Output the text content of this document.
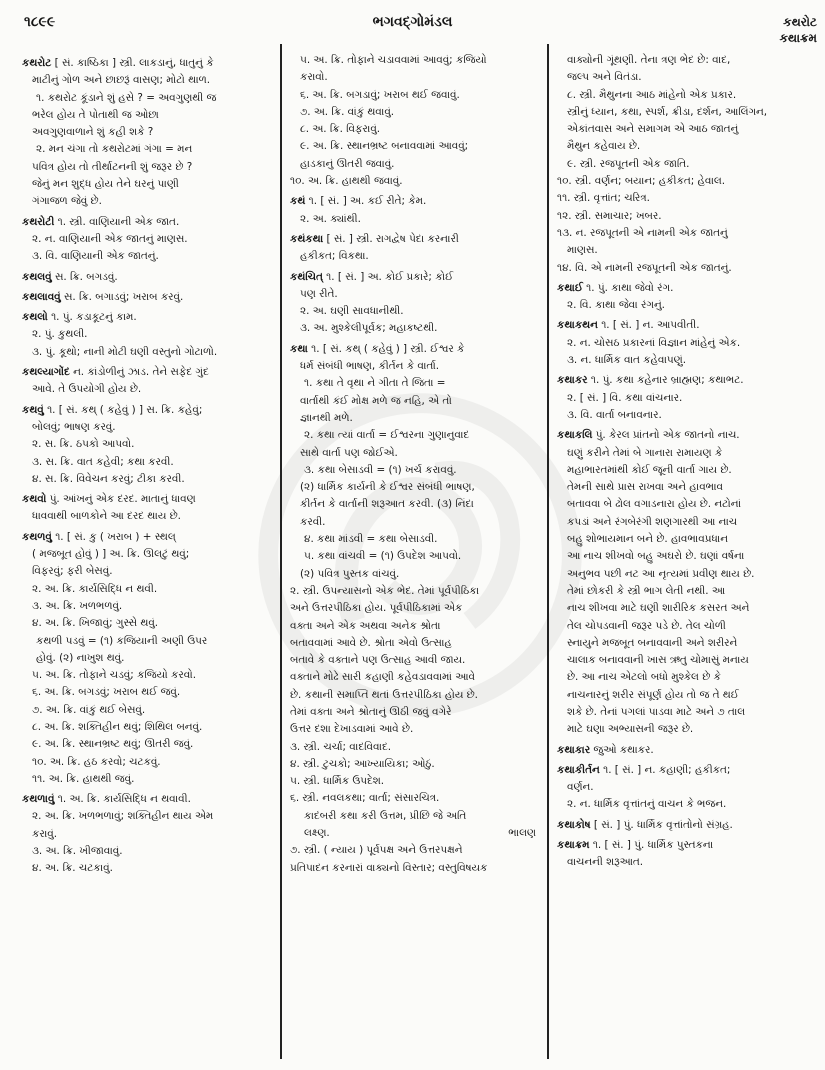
૧૮૯૯	ભગવદ્ગોમંડલ	કથરોટ
કથાક્રમ
કથરોટ [ સં. કાષ્ઠિકા ] સ્ત્રી. લાકડાનું, ધાતુનું કે
માટીનું ગોળ અને છાછરૂં વાસણ; મોટો થાળ.
૧. કથરોટ કૂંડાને શું હસે ? = અવગુણથી જ
ભરેલ હોય તે પોતાથી જ ઓછા
અવગુણવાળાને શું કહી શકે ?
૨. મન ચંગા તો કથરોટમાં ગંગા = મન
પવિત્ર હોય તો તીર્થાટનની શું જરૂર છે ?
જેનું મન શુદ્ધ હોય તેને ઘરનું પાણી
ગંગાજળ જેવું છે.
કથરોટી ૧. સ્ત્રી. વાણિયાની એક જાત.
૨. ન. વાણિયાની એક જાતનું માણસ.
૩. વિ. વાણિયાની એક જાતનું.
કથલવું સ. ક્રિ. બગડવું.
કથલાવવું સ. ક્રિ. બગાડવું; ખરાબ કરવું.
કથલો ૧. પું. કડાકૂટનું કામ.
૨. પું. કુથલી.
૩. પું. કૂથો; નાની મોટી ઘણી વસ્તુનો ગોટાળો.
કથલ્યાગોંદ ન. કાંડોળીનું ઝાડ. તેને સફેદ ગુંદ
આવે. તે ઉપયોગી હોય છે.
કથવું ૧. [ સં. કથ્ ( કહેવું ) ] સ. ક્રિ. કહેવું;
બોલવું; ભાષણ કરવું.
૨. સ. ક્રિ. ઠપકો આપવો.
૩. સ. ક્રિ. વાત કહેવી; કથા કરવી.
૪. સ. ક્રિ. વિવેચન કરવું; ટીકા કરવી.
કથવો પું. આંખનું એક દરદ. માતાનું ધાવણ
ધાવવાથી બાળકોને આ દરદ થાય છે.
કથળવું ૧. [ સં. કુ ( ખરાબ ) + સ્થલ્
( મજબૂત હોવું ) ] અ. ક્રિ. ઊલટું થવું;
વિફરવું; ફરી બેસવું.
૨. અ. ક્રિ. કાર્યસિદ્ધિ ન થવી.
૩. અ. ક્રિ. ખળભળવું.
૪. અ. ક્રિ. ખિજાવું; ગુસ્સે થવું.
કથળી પડવું = (૧) કજિયાની અણી ઉપર
હોવું. (૨) નાખુશ થવું.
૫. અ. ક્રિ. તોફાને ચડવું; કજિયો કરવો.
૬. અ. ક્રિ. બગડવું; ખરાબ થઈ જવું.
૭. અ. ક્રિ. વાંકું થઈ બેસવું.
૮. અ. ક્રિ. શક્તિહીન થવું; શિથિલ બનવું.
૯. અ. ક્રિ. સ્થાનભ્રષ્ટ થવું; ઊતરી જવું.
૧૦. અ. ક્રિ. હઠ કરવો; ચટકવું.
૧૧. અ. ક્રિ. હાથથી જવું.
કથળાવું ૧. અ. ક્રિ. કાર્યસિદ્ધિ ન થવાવી.
૨. અ. ક્રિ. ખળભળાવું; શક્તિહીન થાય એમ
કરાવું.
૩. અ. ક્રિ. ખીજાવાવું.
૪. અ. ક્રિ. ચટકાવું.
૫. અ. ક્રિ. તોફાને ચડાવવામાં આવવું; કજિયો
કરાવો.
૬. અ. ક્રિ. બગડાવું; ખરાબ થઈ જવાવું.
૭. અ. ક્રિ. વાંકું થવાવું.
૮. અ. ક્રિ. વિફરાવું.
૯. અ. ક્રિ. સ્થાનભ્રષ્ટ બનાવવામાં આવવું;
હાડકાનું ઊતરી જવાવું.
૧૦. અ. ક્રિ. હાથથી જવાવું.
કથં ૧. [ સં. ] અ. કઈ રીતે; કેમ.
૨. અ. ક્યાંથી.
કથંકથા [ સં. ] સ્ત્રી. રાગદ્વેષ પેદા કરનારી
હકીકત; વિકથા.
કથંચિત્ ૧. [ સં. ] અ. કોઈ પ્રકારે; કોઈ
પણ રીતે.
૨. અ. ઘણી સાવધાનીથી.
૩. અ. મુશ્કેલીપૂર્વક; મહાકષ્ટથી.
કથા ૧. [ સં. કથ્ ( કહેવું ) ] સ્ત્રી. ઈશ્વર કે
ધર્મ સંબંધી ભાષણ, કીર્તન કે વાર્તા.
૧. કથા તે વૃથા ને ગીતા તે જિતા =
વાર્તાથી કંઈ મોક્ષ મળે જ નહિ, એ તો
જ્ઞાનથી મળે.
૨. કથા ત્યાં વાર્તા = ઈશ્વરના ગુણાનુવાદ
સાથે વાર્તા પણ જોઈએ.
૩. કથા બેસાડવી = (૧) ખર્ચ કરાવવું.
(૨) ધાર્મિક કાર્યની કે ઈશ્વર સંબંધી ભાષણ,
કીર્તન કે વાર્તાની શરૂઆત કરવી. (૩) નિંદા
કરવી.
૪. કથા માંડવી = કથા બેસાડવી.
૫. કથા વાંચવી = (૧) ઉપદેશ આપવો.
(૨) પવિત્ર પુસ્તક વાંચવું.
૨. સ્ત્રી. ઉપન્યાસનો એક ભેદ. તેમાં પૂર્વપીઠિકા
અને ઉત્તરપીઠિકા હોય. પૂર્વપીઠિકામાં એક
વક્તા અને એક અથવા અનેક શ્રોતા
બતાવવામાં આવે છે. શ્રોતા એવો ઉત્સાહ
બતાવે કે વક્તાને પણ ઉત્સાહ આવી જાય.
વક્તાને મોઢે સારી કહાણી કહેવડાવવામાં આવે
છે. કથાની સમાપ્તિ થતાં ઉત્તરપીઠિકા હોય છે.
તેમાં વક્તા અને શ્રોતાનું ઊઠી જવું વગેરે
ઉત્તર દશા દેખાડવામાં આવે છે.
૩. સ્ત્રી. ચર્ચા; વાદવિવાદ.
૪. સ્ત્રી. ટુચકો; આખ્યાયિકા; ઓઠું.
૫. સ્ત્રી. ધાર્મિક ઉપદેશ.
૬. સ્ત્રી. નવલકથા; વાર્તા; સંસારચિત્ર.
કાદંબરી કથા કરી ઉત્તમ, પ્રીછિ જે અતિ
લક્ષ્ણ.	ભાલણ
૭. સ્ત્રી. ( ન્યાય ) પૂર્વપક્ષ અને ઉત્તરપક્ષને
પ્રતિપાદન કરનારાં વાક્યનો વિસ્તાર; વસ્તુવિષયક
વાક્યોની ગૂંથણી. તેના ત્રણ ભેદ છે: વાદ,
જલ્પ અને વિતંડા.
૮. સ્ત્રી. મૈથુનના આઠ માંહેનો એક પ્રકાર.
સ્ત્રીનું ધ્યાન, કથા, સ્પર્શ, ક્રીડા, દર્શન, આલિંગન,
એકાંતવાસ અને સમાગમ એ આઠ જાતનું
મૈથુન કહેવાય છે.
૯. સ્ત્રી. રજપૂતની એક જાતિ.
૧૦. સ્ત્રી. વર્ણન; બયાન; હકીકત; હેવાલ.
૧૧. સ્ત્રી. વૃત્તાંત; ચરિત્ર.
૧૨. સ્ત્રી. સમાચાર; ખબર.
૧૩. ન. રજપૂતની એ નામની એક જાતનું
માણસ.
૧૪. વિ. એ નામની રજપૂતની એક જાતનું.
કથાઈ ૧. પું. કાથા જેવો રંગ.
૨. વિ. કાથા જેવા રંગનું.
કથાકથન ૧. [ સં. ] ન. આપવીતી.
૨. ન. ચોસઠ પ્રકારનાં વિજ્ઞાન માંહેનું એક.
૩. ન. ધાર્મિક વાત કહેવાપણું.
કથાકર ૧. પું. કથા કહેનાર બ્રાહ્મણ; કથાભટ.
૨. [ સં. ] વિ. કથા વાંચનાર.
૩. વિ. વાર્તા બનાવનાર.
કથાકલિ પું. કેરલ પ્રાંતનો એક જાતનો નાચ.
ઘણું કરીને તેમાં બે ગાનારા રામાયણ કે
મહાભારતમાંથી કોઈ જૂની વાર્તા ગાય છે.
તેમની સાથે પ્રાસ રાખવા અને હાવભાવ
બતાવવા બે ઢોલ વગાડનારા હોય છે. નટોનાં
કપડાં અને રંગબેરંગી શણગારથી આ નાચ
બહુ શોભાયમાન બને છે. હાવભાવપ્રધાન
આ નાચ શીખવો બહુ અઘરો છે. ઘણાં વર્ષના
અનુભવ પછી નટ આ નૃત્યમાં પ્રવીણ થાય છે.
તેમાં છોકરી કે સ્ત્રી ભાગ લેતી નથી. આ
નાચ શીખવા માટે ઘણી શારીરિક કસરત અને
તેલ ચોપડવાની જરૂર પડે છે. તેલ ચોળી
સ્નાયુને મજબૂત બનાવવાની અને શરીરને
ચાલાક બનાવવાની ખાસ ઋતુ ચોમાસું મનાય
છે. આ નાચ એટલો બધો મુશ્કેલ છે કે
નાચનારનું શરીર સંપૂર્ણ હોય તો જ તે થઈ
શકે છે. તેનાં પગલાં પાડવા માટે અને ૭ તાલ
માટે ઘણા અભ્યાસની જરૂર છે.
કથાકાર જુઓ કથાકર.
કથાકીર્તન ૧. [ સં. ] ન. કહાણી; હકીકત;
વર્ણન.
૨. ન. ધાર્મિક વૃત્તાંતનું વાચન કે ભજન.
કથાકોષ [ સં. ] પું. ધાર્મિક વૃત્તાંતોનો સંગ્રહ.
કથાક્રમ ૧. [ સં. ] પું. ધાર્મિક પુસ્તકના
વાચનની શરૂઆત.
